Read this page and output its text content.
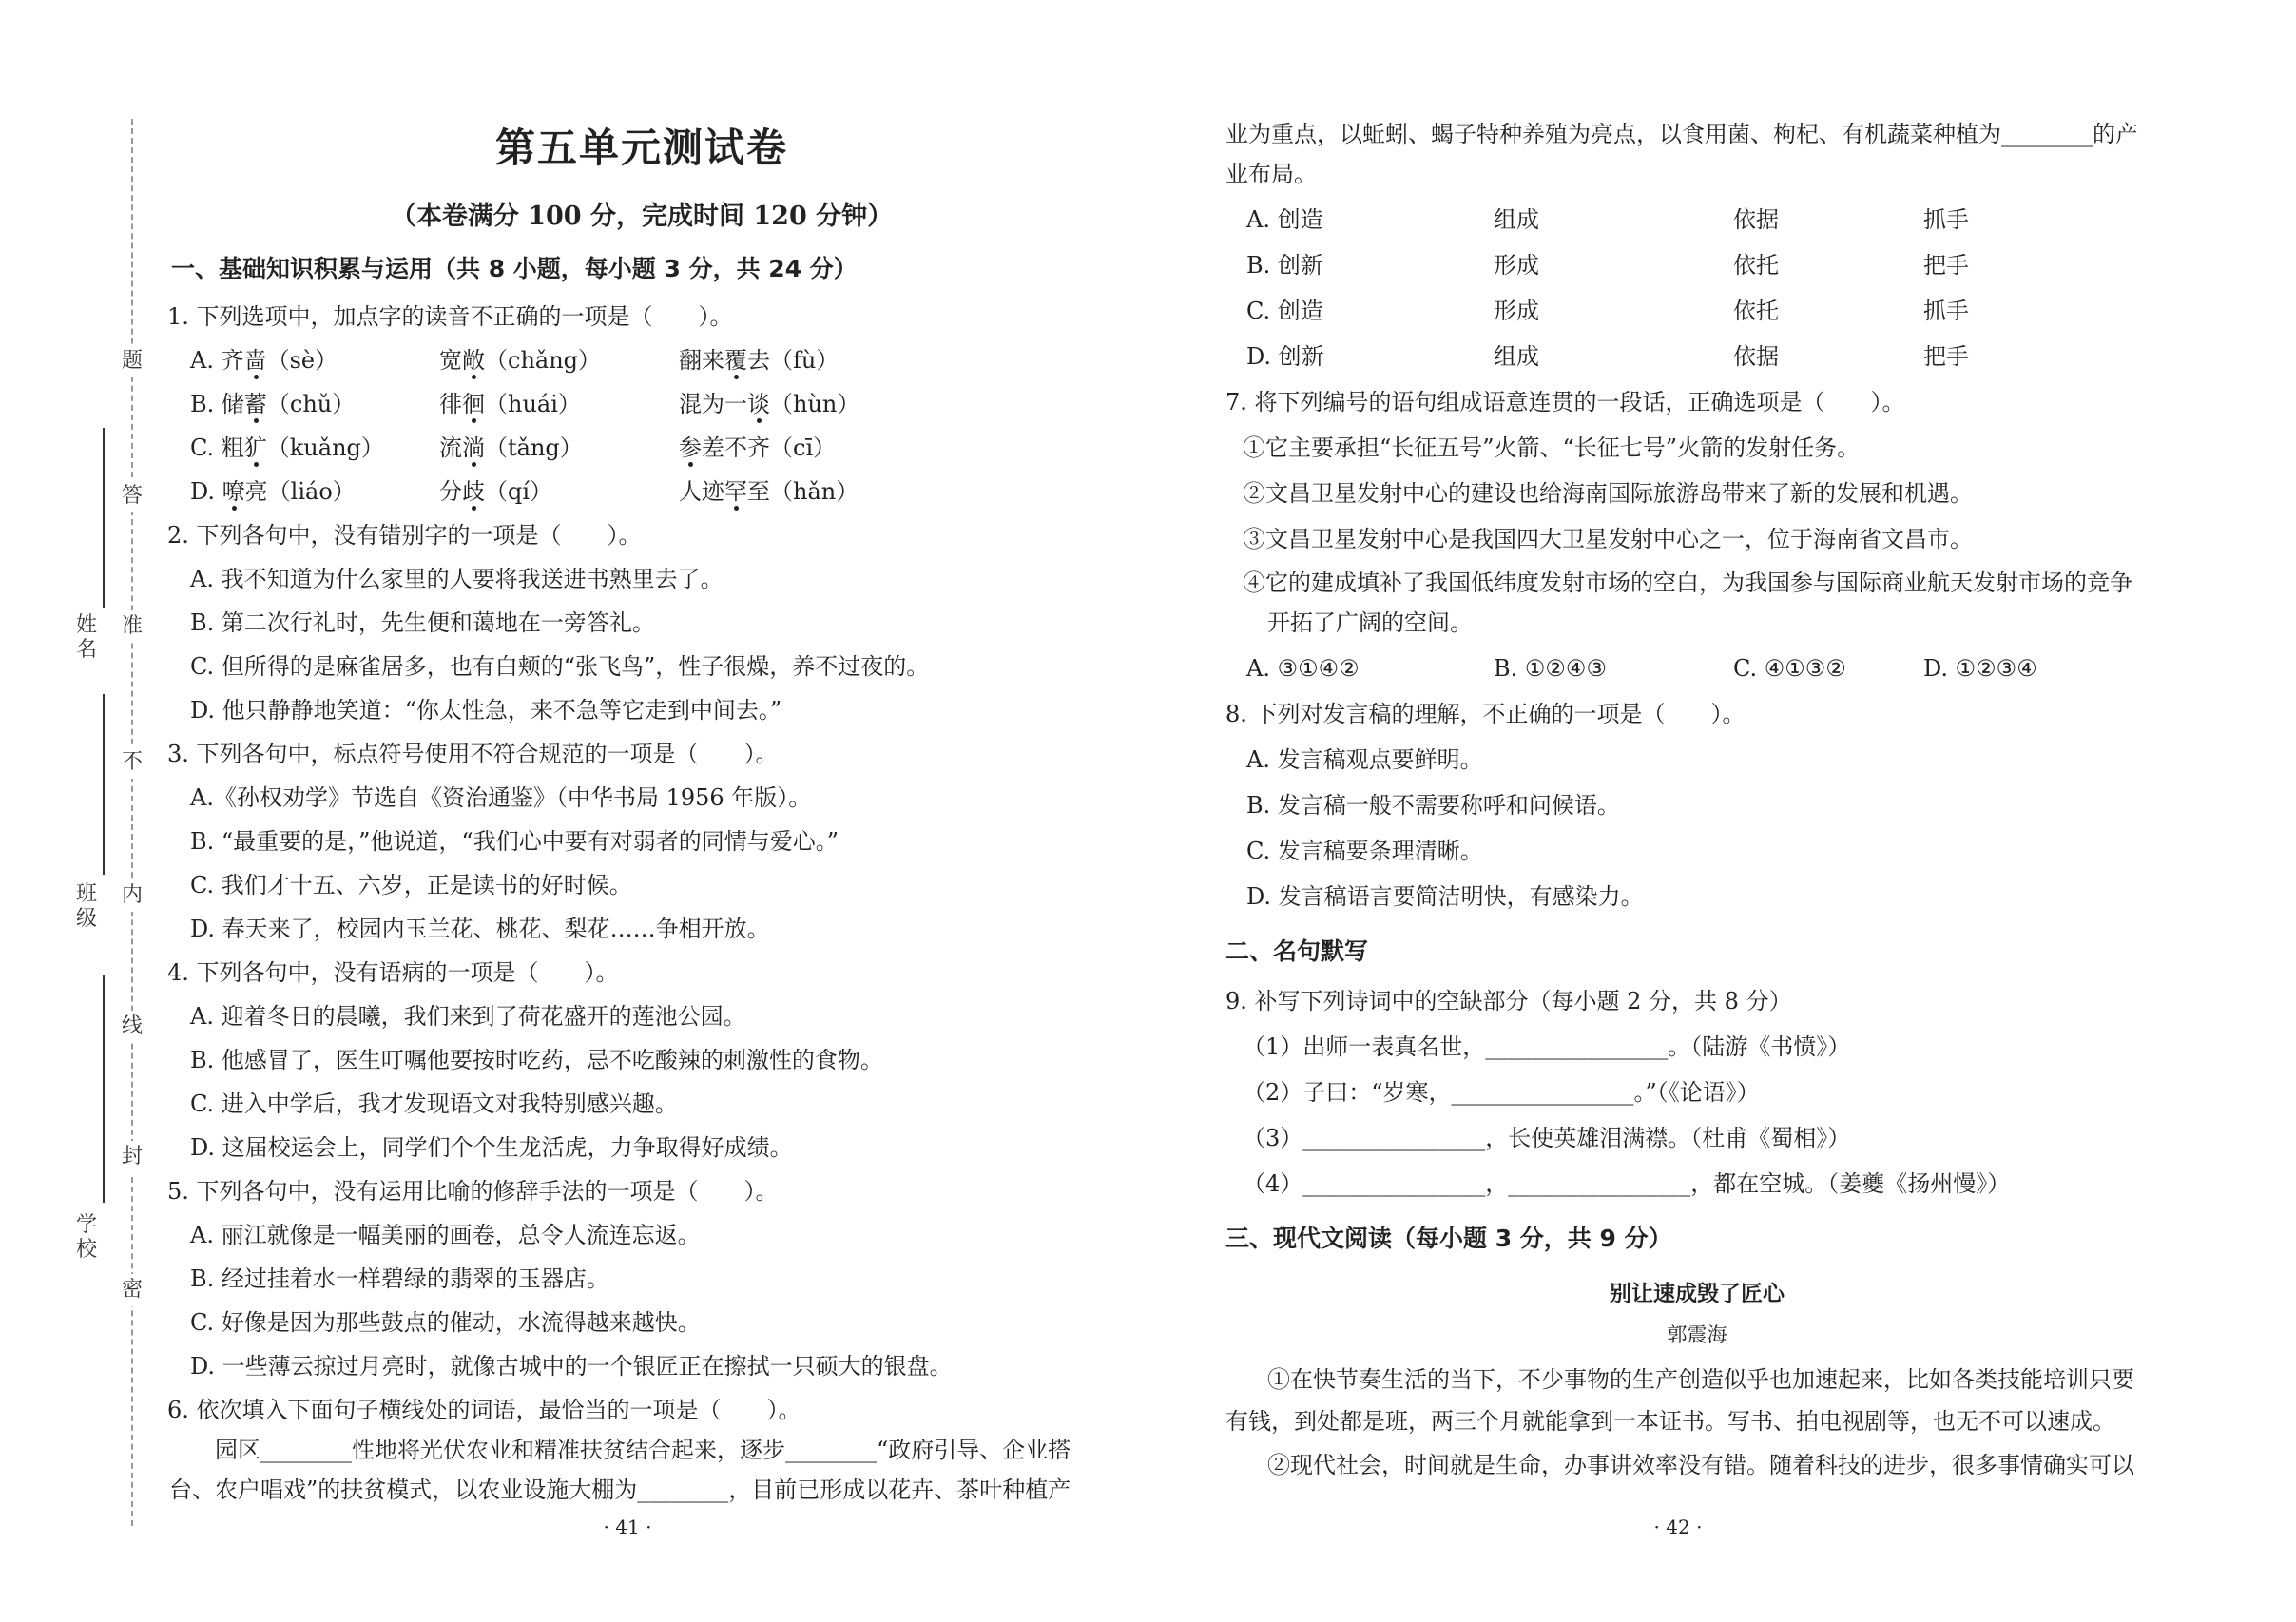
题
答
准
不
内
线
封
密
姓名
班级
学校
第五单元测试卷
（本卷满分 100 分，完成时间 120 分钟）
一、基础知识积累与运用（共 8 小题，每小题 3 分，共 24 分）
1. 下列选项中，加点字的读音不正确的一项是（　　）。
A. 齐啬（sè）	宽敞（chǎng）	翻来覆去（fù）
B. 储蓄（chǔ）	徘徊（huái）	混为一谈（hùn）
C. 粗犷（kuǎng） 流淌（tǎng）	参差不齐（cī）
D. 嘹亮（liáo）	分歧（qí）	人迹罕至（hǎn）
2. 下列各句中，没有错别字的一项是（　　）。
A. 我不知道为什么家里的人要将我送进书熟里去了。
B. 第二次行礼时，先生便和蔼地在一旁答礼。
C. 但所得的是麻雀居多，也有白颊的“张飞鸟”，性子很燥，养不过夜的。
D. 他只静静地笑道：“你太性急，来不急等它走到中间去。”
3. 下列各句中，标点符号使用不符合规范的一项是（　　）。
A.《孙权劝学》节选自《资治通鉴》（中华书局 1956 年版）。
B. “最重要的是，”他说道，“我们心中要有对弱者的同情与爱心。”
C. 我们才十五、六岁，正是读书的好时候。
D. 春天来了，校园内玉兰花、桃花、梨花……争相开放。
4. 下列各句中，没有语病的一项是（　　）。
A. 迎着冬日的晨曦，我们来到了荷花盛开的莲池公园。
B. 他感冒了，医生叮嘱他要按时吃药，忌不吃酸辣的刺激性的食物。
C. 进入中学后，我才发现语文对我特别感兴趣。
D. 这届校运会上，同学们个个生龙活虎，力争取得好成绩。
5. 下列各句中，没有运用比喻的修辞手法的一项是（　　）。
A. 丽江就像是一幅美丽的画卷，总令人流连忘返。
B. 经过挂着水一样碧绿的翡翠的玉器店。
C. 好像是因为那些鼓点的催动，水流得越来越快。
D. 一些薄云掠过月亮时，就像古城中的一个银匠正在擦拭一只硕大的银盘。
6. 依次填入下面句子横线处的词语，最恰当的一项是（　　）。
园区________性地将光伏农业和精准扶贫结合起来，逐步________“政府引导、企业搭
台、农户唱戏”的扶贫模式，以农业设施大棚为________，目前已形成以花卉、茶叶种植产
· 41 ·
业为重点，以蚯蚓、蝎子特种养殖为亮点，以食用菌、枸杞、有机蔬菜种植为________的产
业布局。
A. 创造	组成	依据	抓手
B. 创新	形成	依托	把手
C. 创造	形成	依托	抓手
D. 创新	组成	依据	把手
7. 将下列编号的语句组成语意连贯的一段话，正确选项是（　　）。
①它主要承担“长征五号”火箭、“长征七号”火箭的发射任务。
②文昌卫星发射中心的建设也给海南国际旅游岛带来了新的发展和机遇。
③文昌卫星发射中心是我国四大卫星发射中心之一，位于海南省文昌市。
④它的建成填补了我国低纬度发射市场的空白，为我国参与国际商业航天发射市场的竞争
开拓了广阔的空间。
A. ③①④②	B. ①②④③	C. ④①③②	D. ①②③④
8. 下列对发言稿的理解，不正确的一项是（　　）。
A. 发言稿观点要鲜明。
B. 发言稿一般不需要称呼和问候语。
C. 发言稿要条理清晰。
D. 发言稿语言要简洁明快，有感染力。
二、名句默写
9. 补写下列诗词中的空缺部分（每小题 2 分，共 8 分）
（1）出师一表真名世，________________。（陆游《书愤》）
（2）子曰：“岁寒，________________。”（《论语》）
（3）________________，长使英雄泪满襟。（杜甫《蜀相》）
（4）________________，________________，都在空城。（姜夔《扬州慢》）
三、现代文阅读（每小题 3 分，共 9 分）
别让速成毁了匠心
郭震海
①在快节奏生活的当下，不少事物的生产创造似乎也加速起来，比如各类技能培训只要
有钱，到处都是班，两三个月就能拿到一本证书。写书、拍电视剧等，也无不可以速成。
②现代社会，时间就是生命，办事讲效率没有错。随着科技的进步，很多事情确实可以
· 42 ·
